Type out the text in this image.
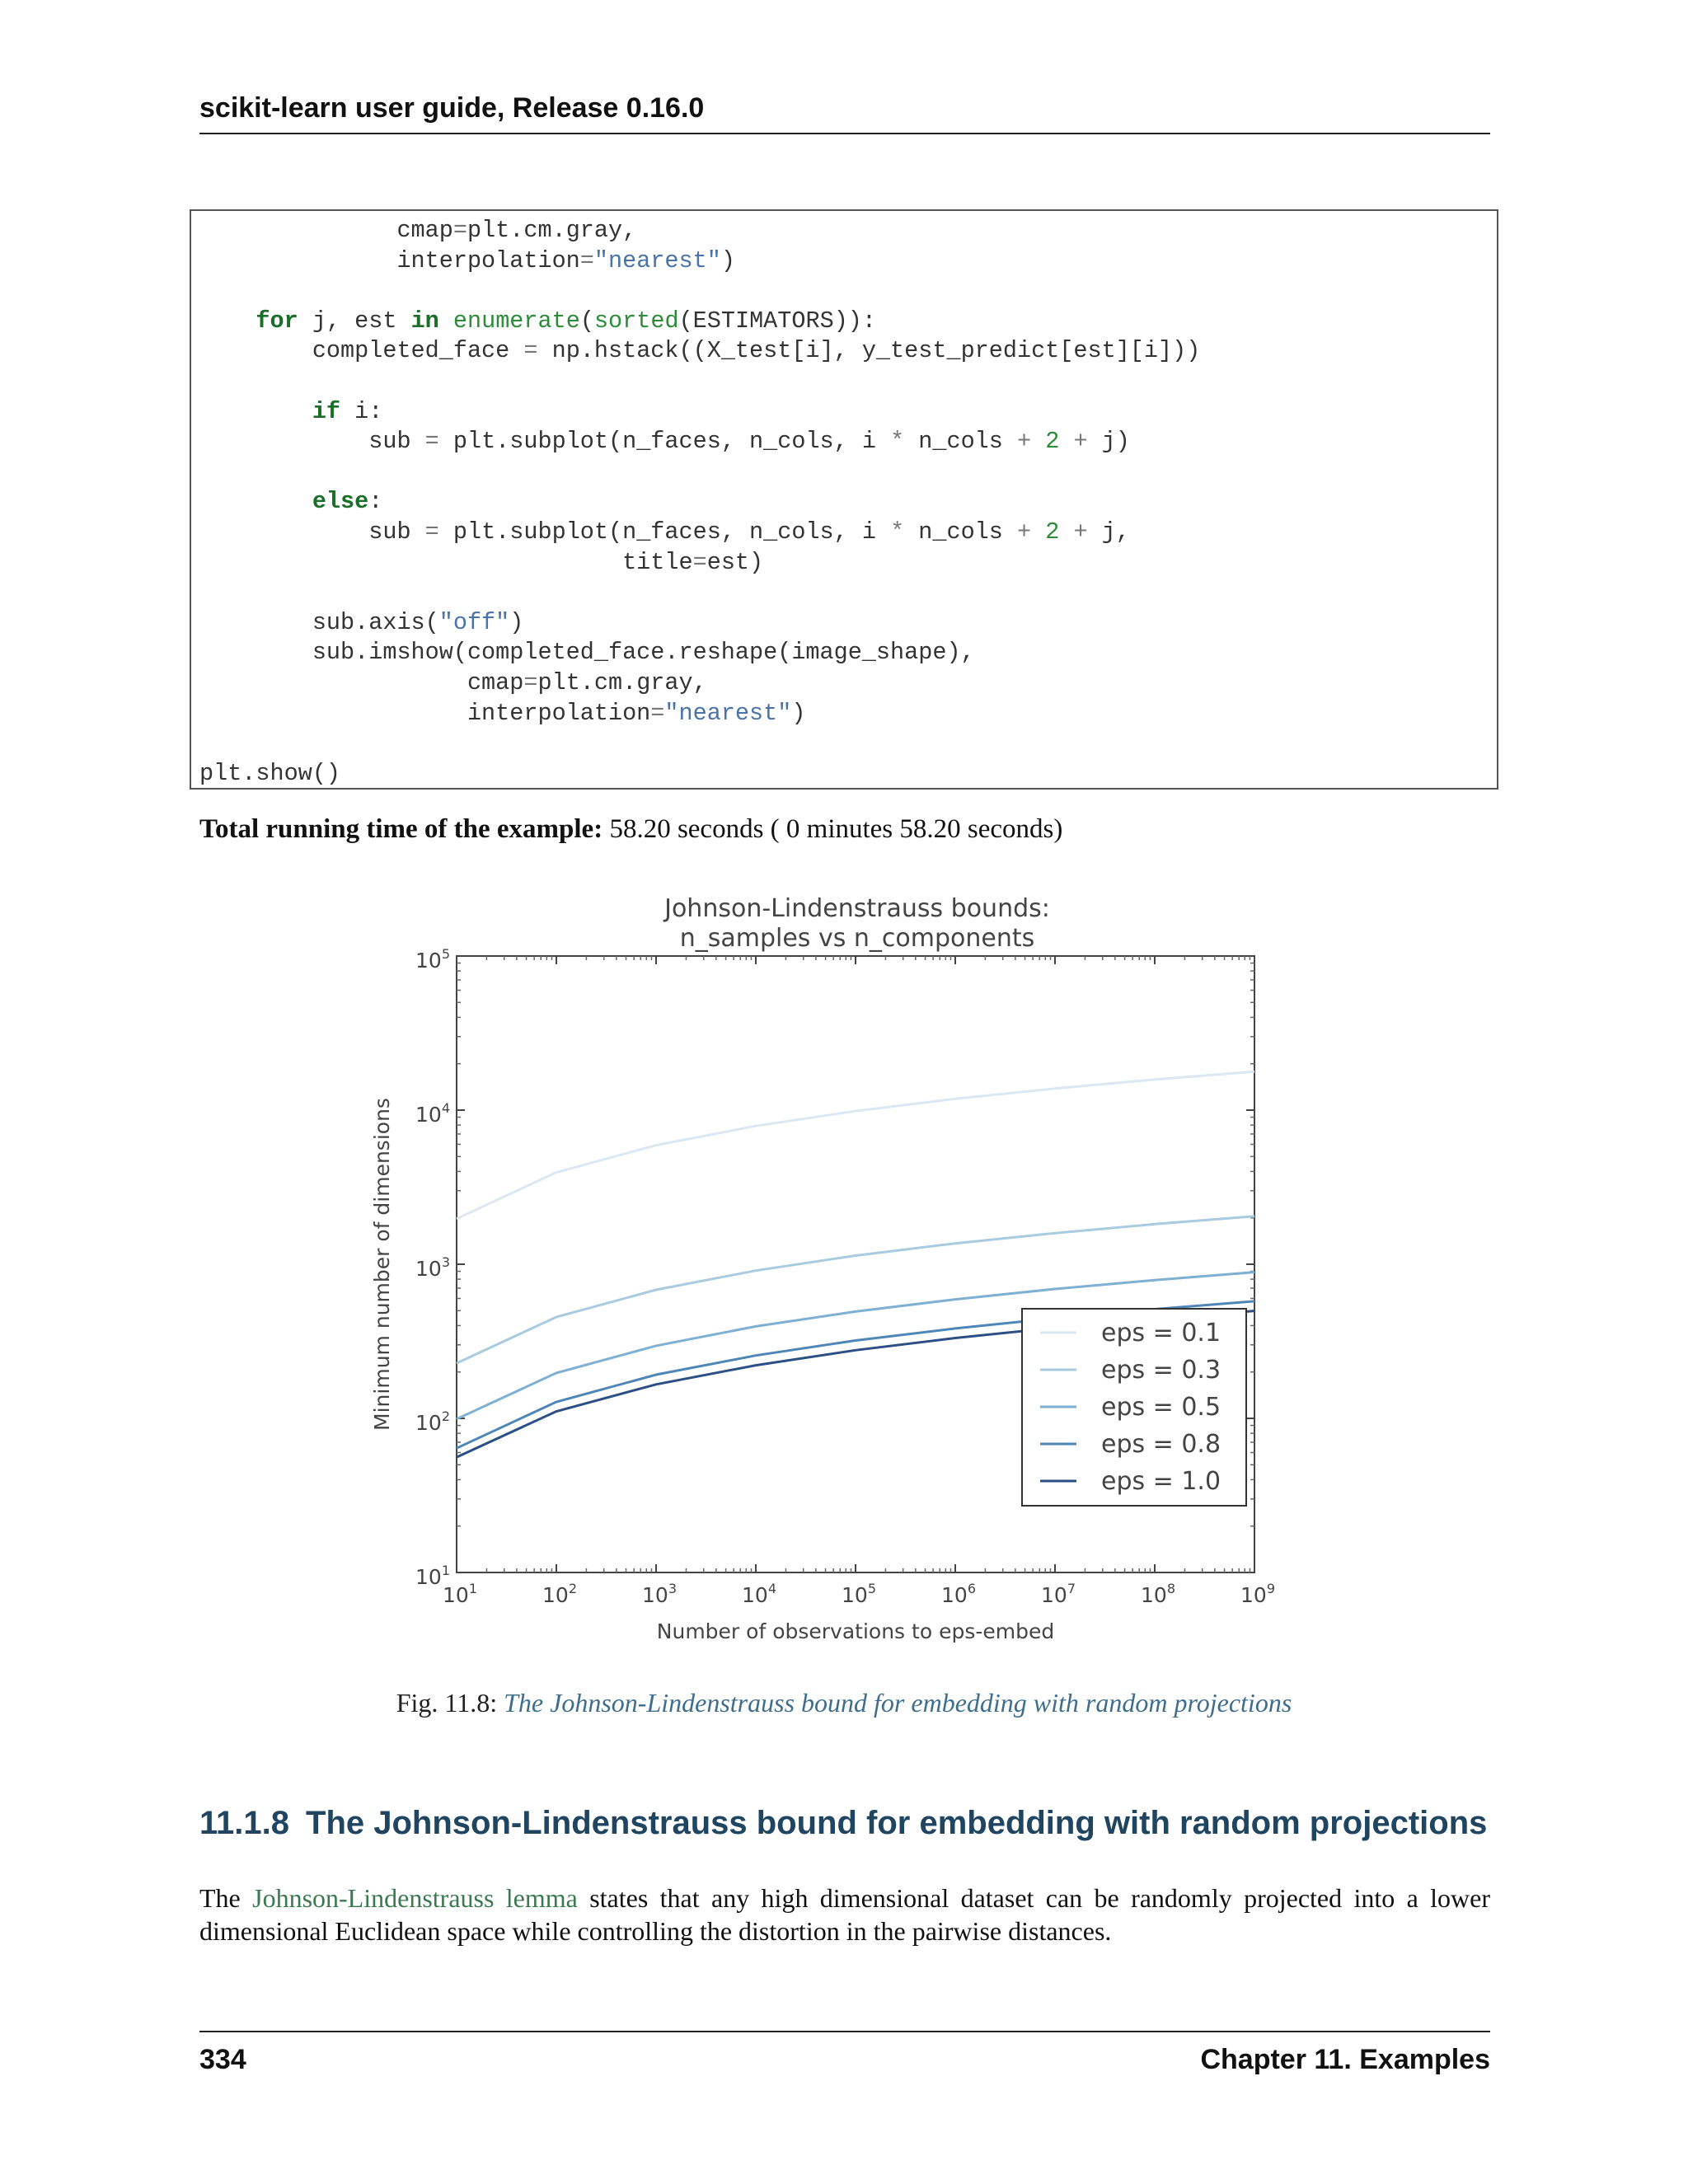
scikit-learn user guide, Release 0.16.0
cmap=plt.cm.gray,
interpolation="nearest")

for j, est in enumerate(sorted(ESTIMATORS)):
completed_face = np.hstack((X_test[i], y_test_predict[est][i]))

if i:
sub = plt.subplot(n_faces, n_cols, i * n_cols + 2 + j)

else:
sub = plt.subplot(n_faces, n_cols, i * n_cols + 2 + j,
title=est)

sub.axis("off")
sub.imshow(completed_face.reshape(image_shape),
cmap=plt.cm.gray,
interpolation="nearest")

plt.show()
Total running time of the example: 58.20 seconds ( 0 minutes 58.20 seconds)
Johnson-Lindenstrauss bounds:
n_samples vs n_components
$10^1$	$10^2$	$10^3$	$10^4$	$10^5$	$10^6$	$10^7$	$10^8$	$10^9$
$10^1$
$10^2$
$10^3$
$10^4$
$10^5$
Number of observations to eps-embed
Minimum number of dimensions	eps = 0.1
eps = 0.3
eps = 0.5
eps = 0.8
eps = 1.0
Fig. 11.8: The Johnson-Lindenstrauss bound for embedding with random projections
11.1.8 The Johnson-Lindenstrauss bound for embedding with random projections
The Johnson-Lindenstrauss lemma states that any high dimensional dataset can be randomly projected into a lower dimensional Euclidean space while controlling the distortion in the pairwise distances.
334	Chapter 11. Examples
